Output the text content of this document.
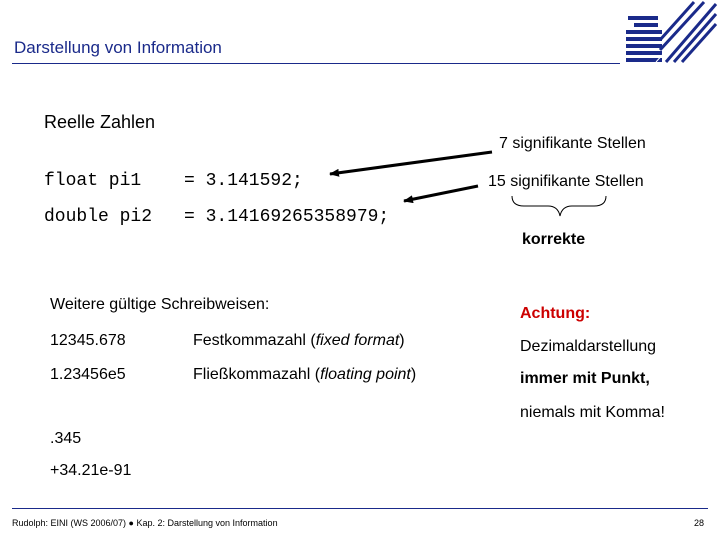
Darstellung von Information
Reelle Zahlen
float pi1 = 3.141592;
double pi2 = 3.14169265358979;
7 signifikante Stellen
15 signifikante Stellen
korrekte
Weitere gültige Schreibweisen:
12345.678	Festkommazahl (fixed format)
1.23456e5	Fließkommazahl (floating point)
.345
+34.21e-91
Achtung:
Dezimaldarstellung
immer mit Punkt,
niemals mit Komma!
Rudolph: EINI (WS 2006/07) ● Kap. 2: Darstellung von Information	28
